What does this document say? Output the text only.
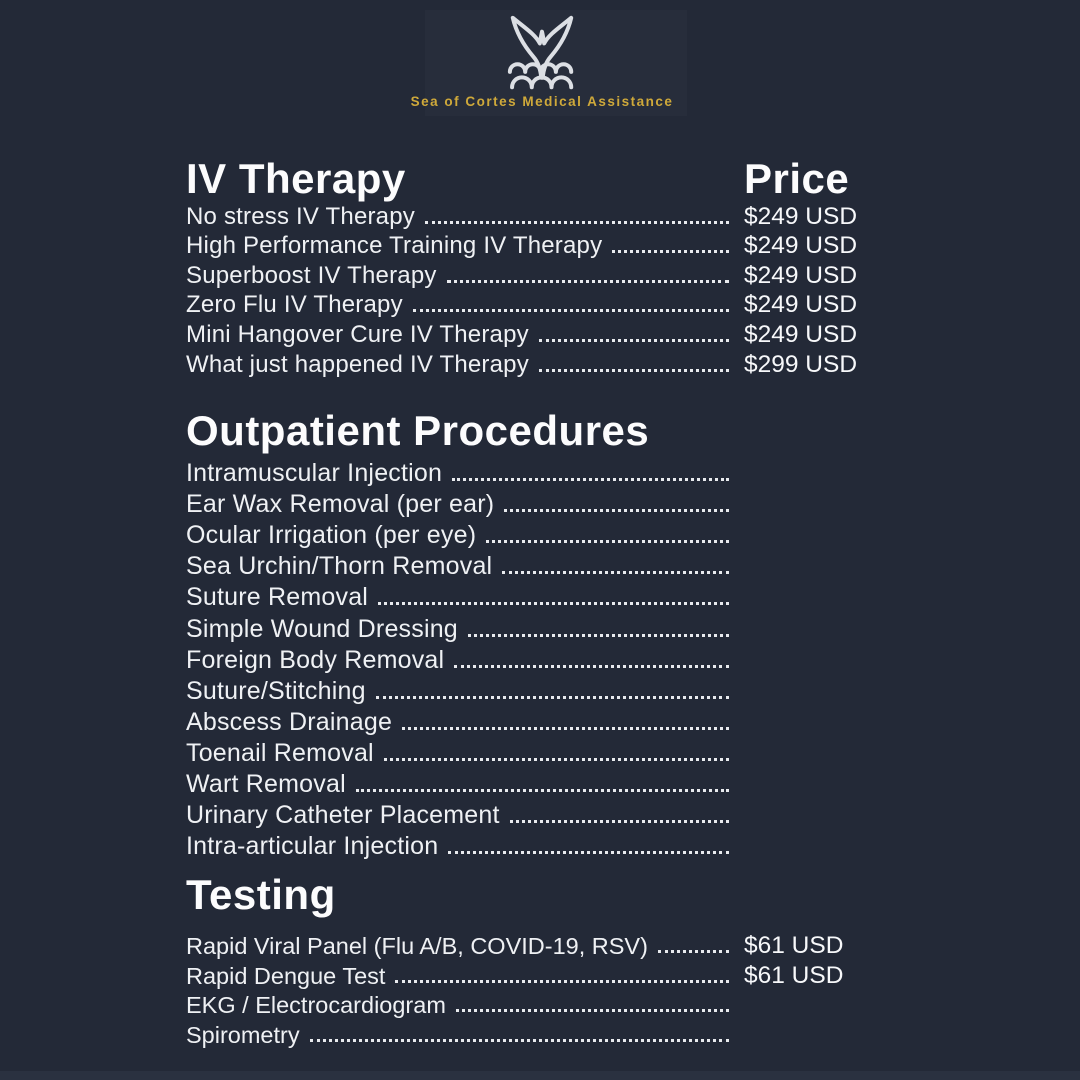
Sea of Cortes Medical Assistance
IV Therapy	Price
No stress IV Therapy	$249 USD
High Performance Training IV Therapy	$249 USD
Superboost IV Therapy	$249 USD
Zero Flu IV Therapy	$249 USD
Mini Hangover Cure IV Therapy	$249 USD
What just happened IV Therapy	$299 USD
Outpatient Procedures
Intramuscular Injection
Ear Wax Removal (per ear)
Ocular Irrigation (per eye)
Sea Urchin/Thorn Removal
Suture Removal
Simple Wound Dressing
Foreign Body Removal
Suture/Stitching
Abscess Drainage
Toenail Removal
Wart Removal
Urinary Catheter Placement
Intra-articular Injection
Testing
Rapid Viral Panel (Flu A/B, COVID-19, RSV)	$61 USD
Rapid Dengue Test	$61 USD
EKG / Electrocardiogram
Spirometry
